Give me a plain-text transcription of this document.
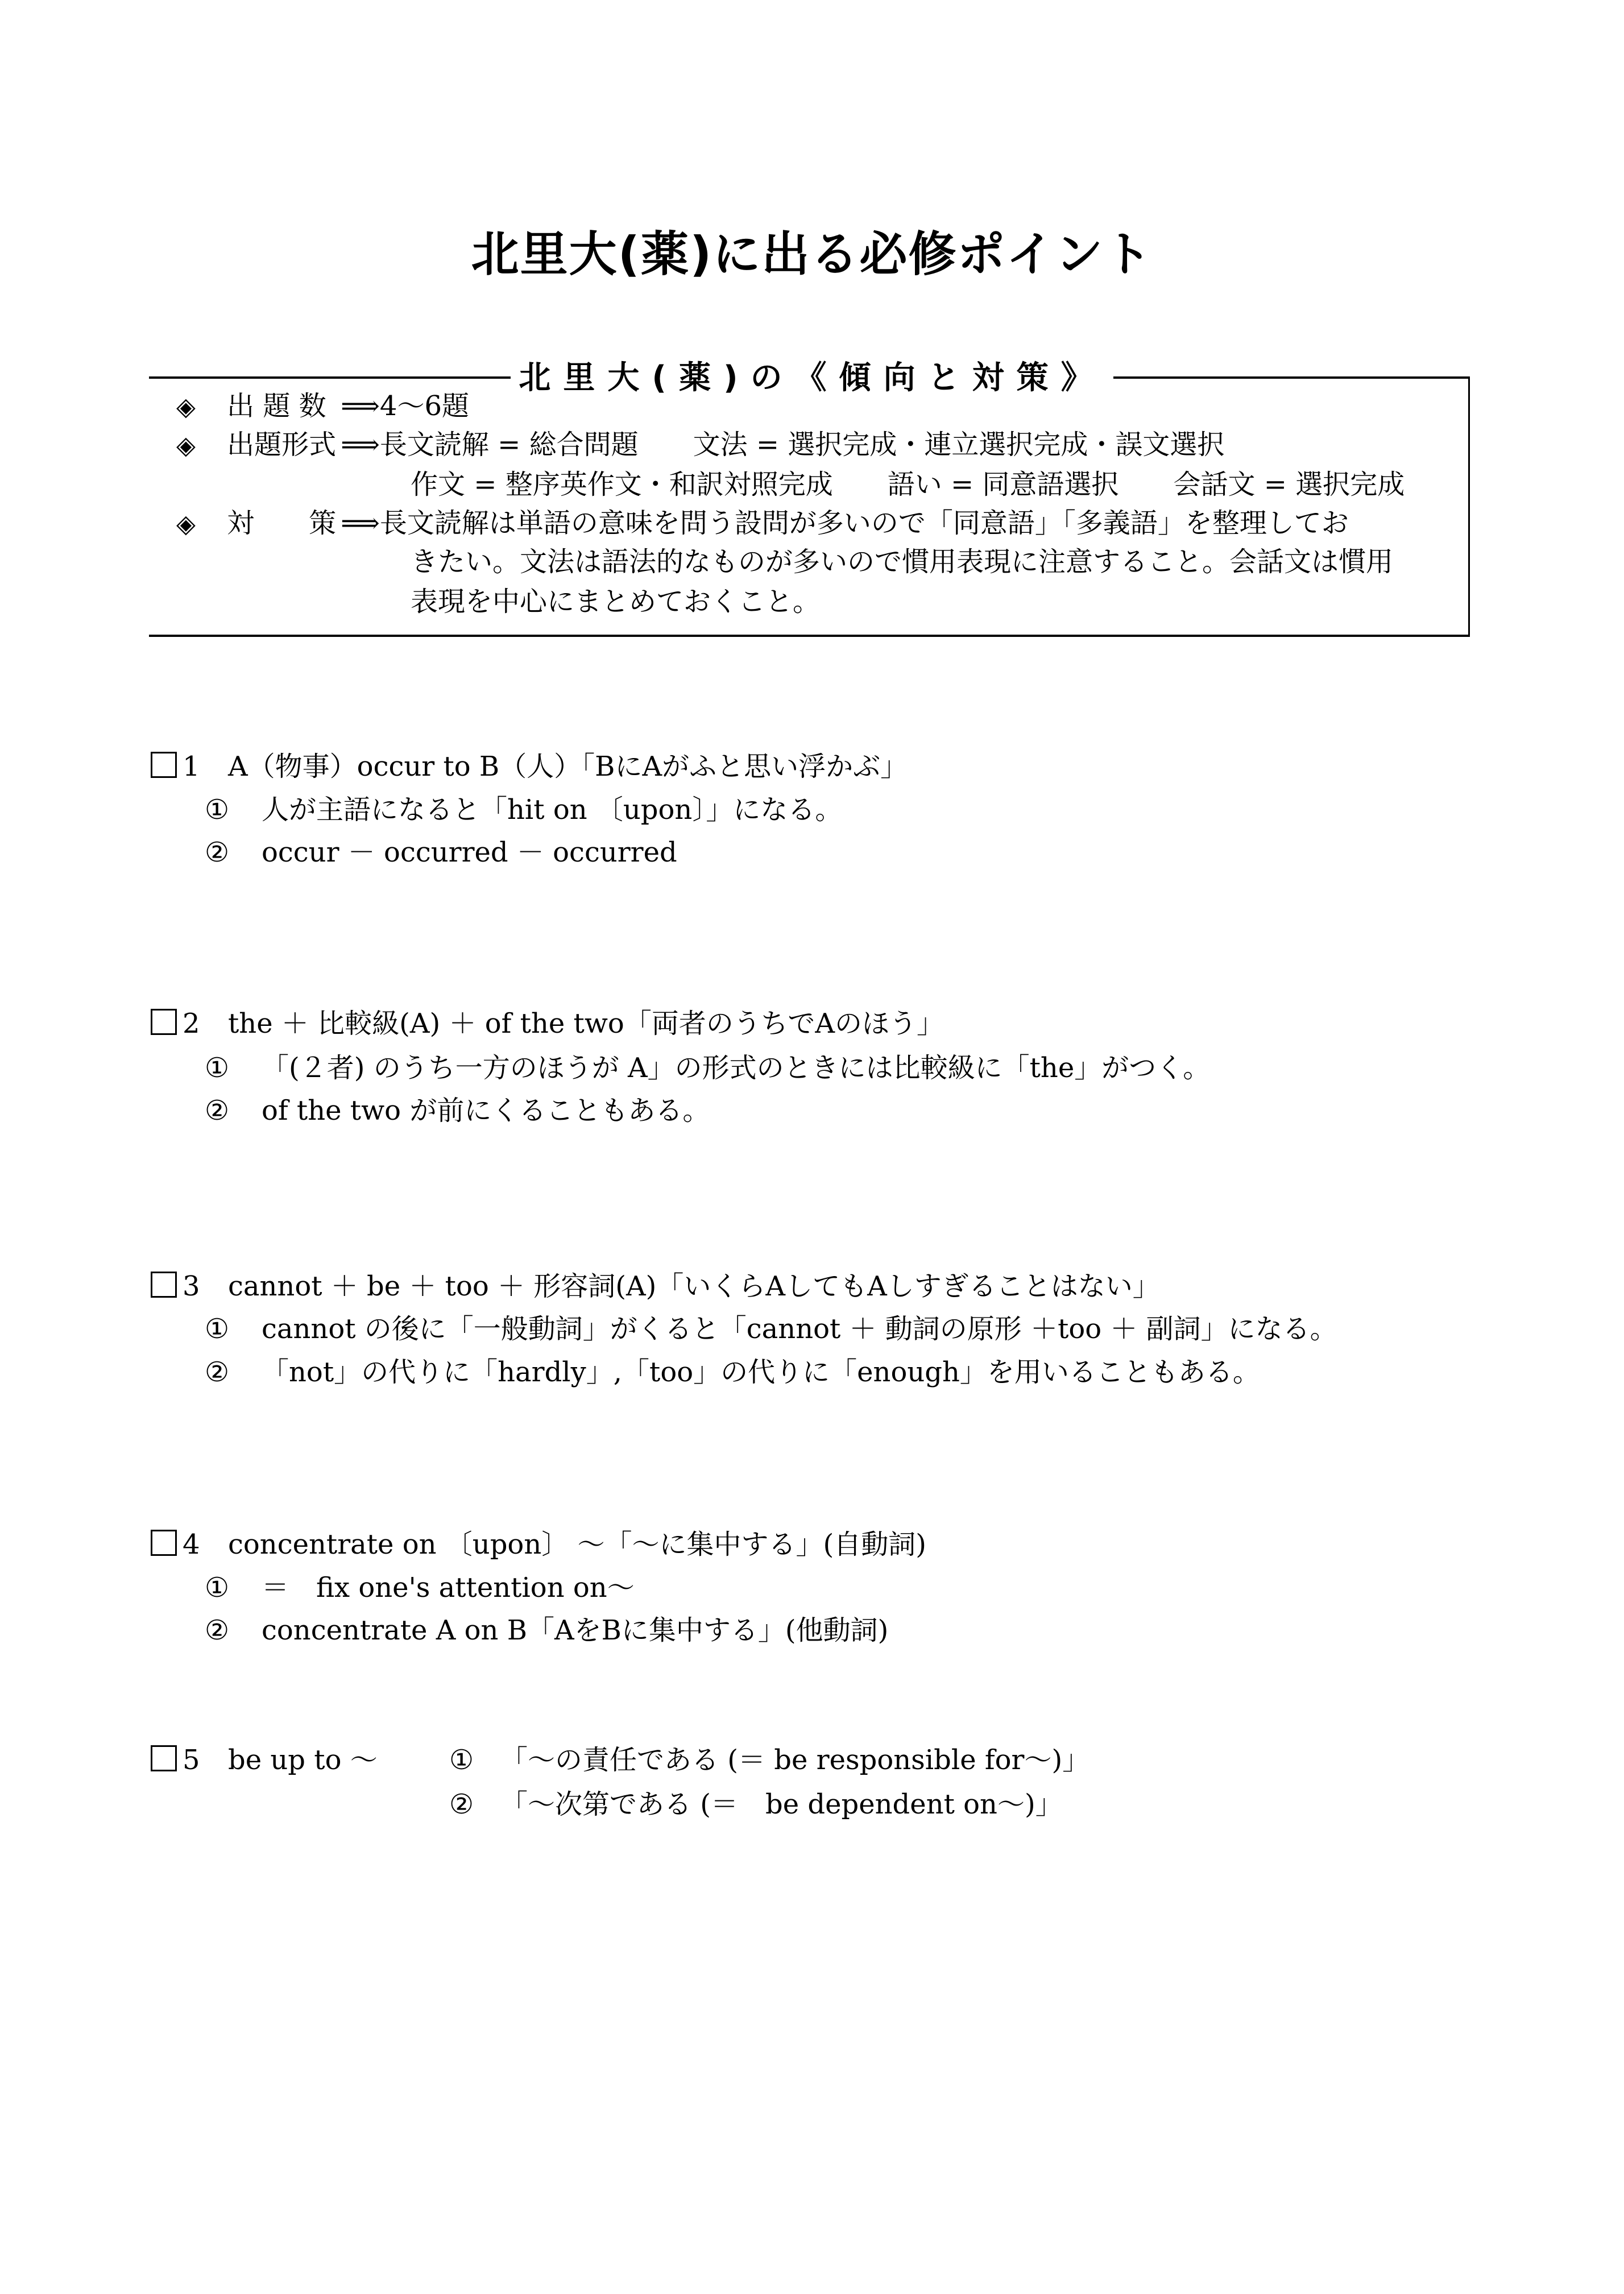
北里大(薬)に出る必修ポイント
北里大(薬)の《傾向と対策》
◈ 出 題 数 ⟹4〜6題
◈ 出題形式 ⟹長文読解 = 総合問題　　文法 = 選択完成・連立選択完成・誤文選択
作文 = 整序英作文・和訳対照完成　　語い = 同意語選択　　会話文 = 選択完成
◈ 対　　策 ⟹長文読解は単語の意味を問う設問が多いので「同意語」「多義語」を整理してお
きたい。文法は語法的なものが多いので慣用表現に注意すること。会話文は慣用
表現を中心にまとめておくこと。
1 A（物事）occur to B（人）「BにAがふと思い浮かぶ」
① 人が主語になると「hit on 〔upon〕」になる。
② occur － occurred － occurred
2 the ＋ 比較級(A) ＋ of the two「両者のうちでAのほう」
① 「(２者) のうち一方のほうが A」の形式のときには比較級に「the」がつく。
② of the two が前にくることもある。
3 cannot ＋ be ＋ too ＋ 形容詞(A)「いくらAしてもAしすぎることはない」
① cannot の後に「一般動詞」がくると「cannot ＋ 動詞の原形 ＋too ＋ 副詞」になる。
② 「not」の代りに「hardly」,「too」の代りに「enough」を用いることもある。
4 concentrate on 〔upon〕 〜「〜に集中する」(自動詞)
① ＝　fix one's attention on〜
② concentrate A on B「AをBに集中する」(他動詞)
5 be up to 〜	① 「〜の責任である (＝ be responsible for〜)」
② 「〜次第である (＝　be dependent on〜)」
